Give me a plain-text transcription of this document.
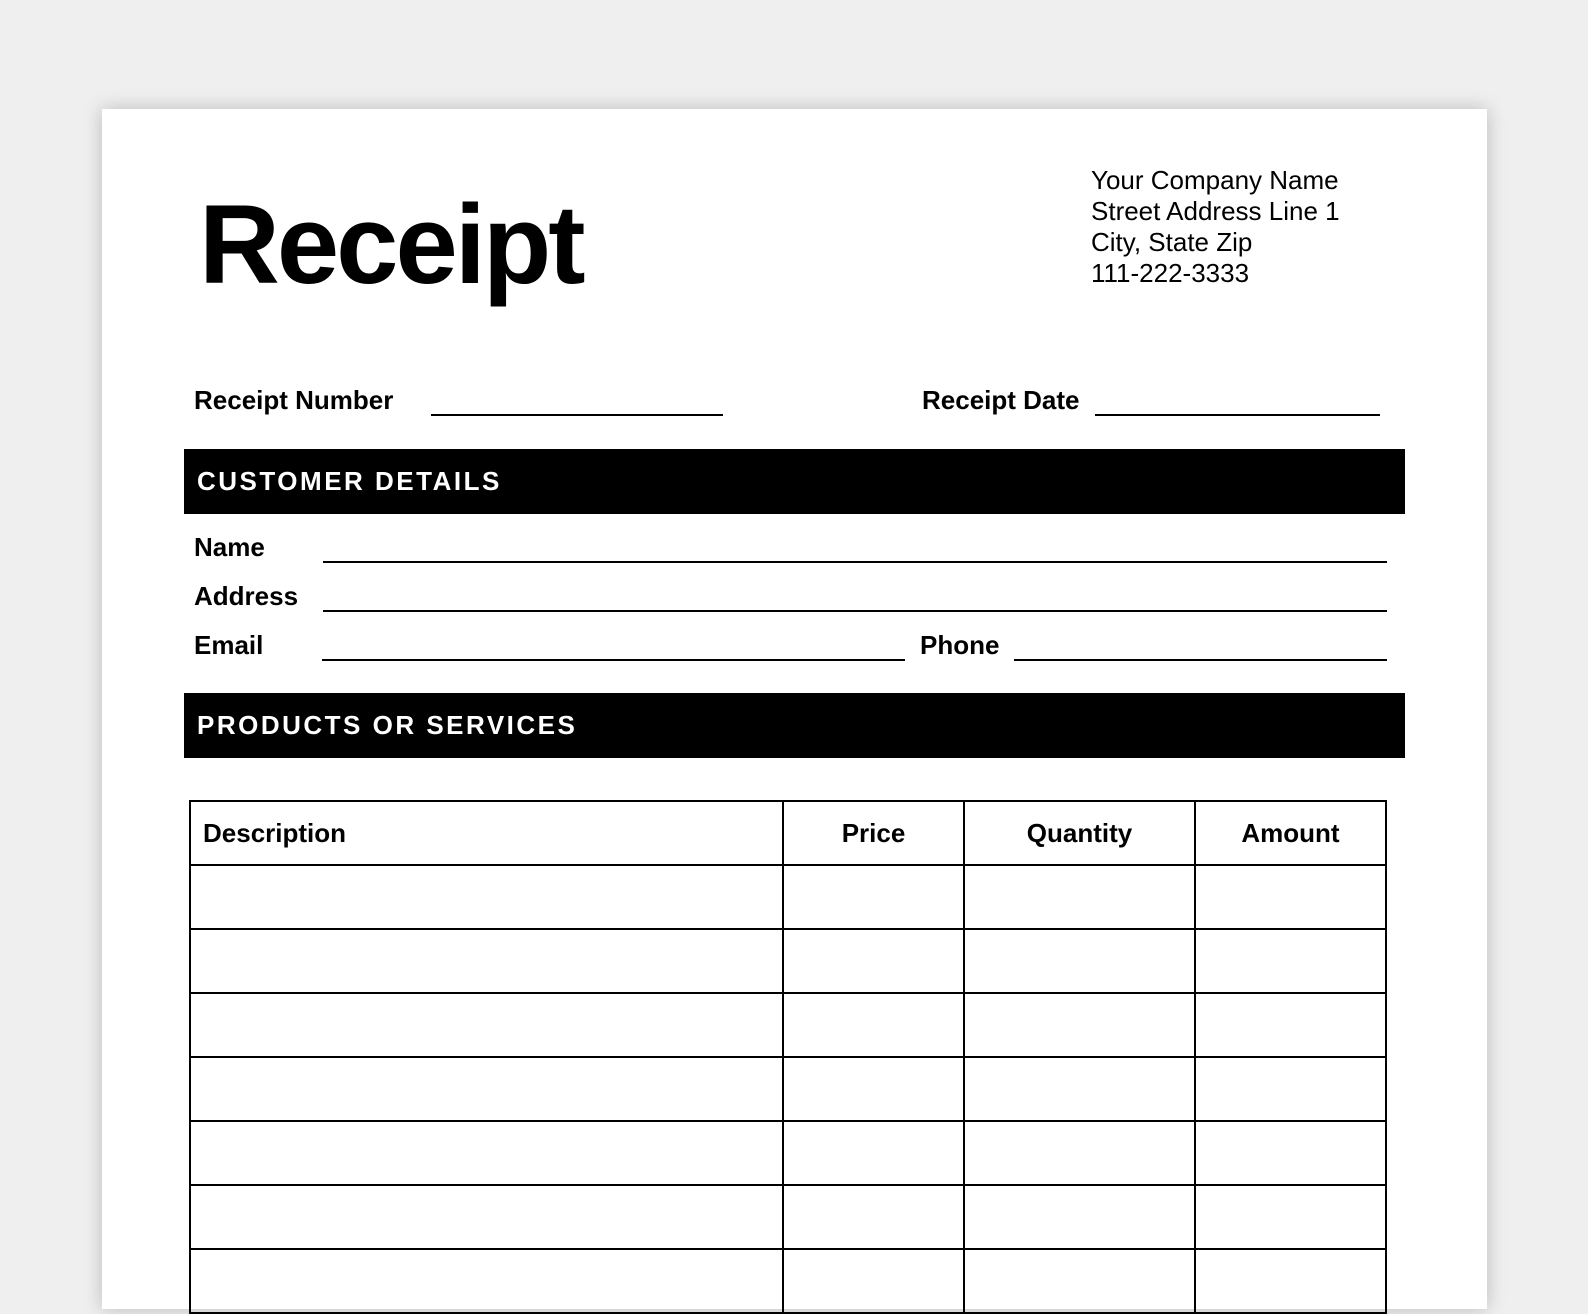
Receipt
Your Company Name
Street Address Line 1
City, State Zip
111-222-3333
Receipt Number	Receipt Date
CUSTOMER DETAILS
Name
Address
Email	Phone
PRODUCTS OR SERVICES
Description	Price	Quantity	Amount
